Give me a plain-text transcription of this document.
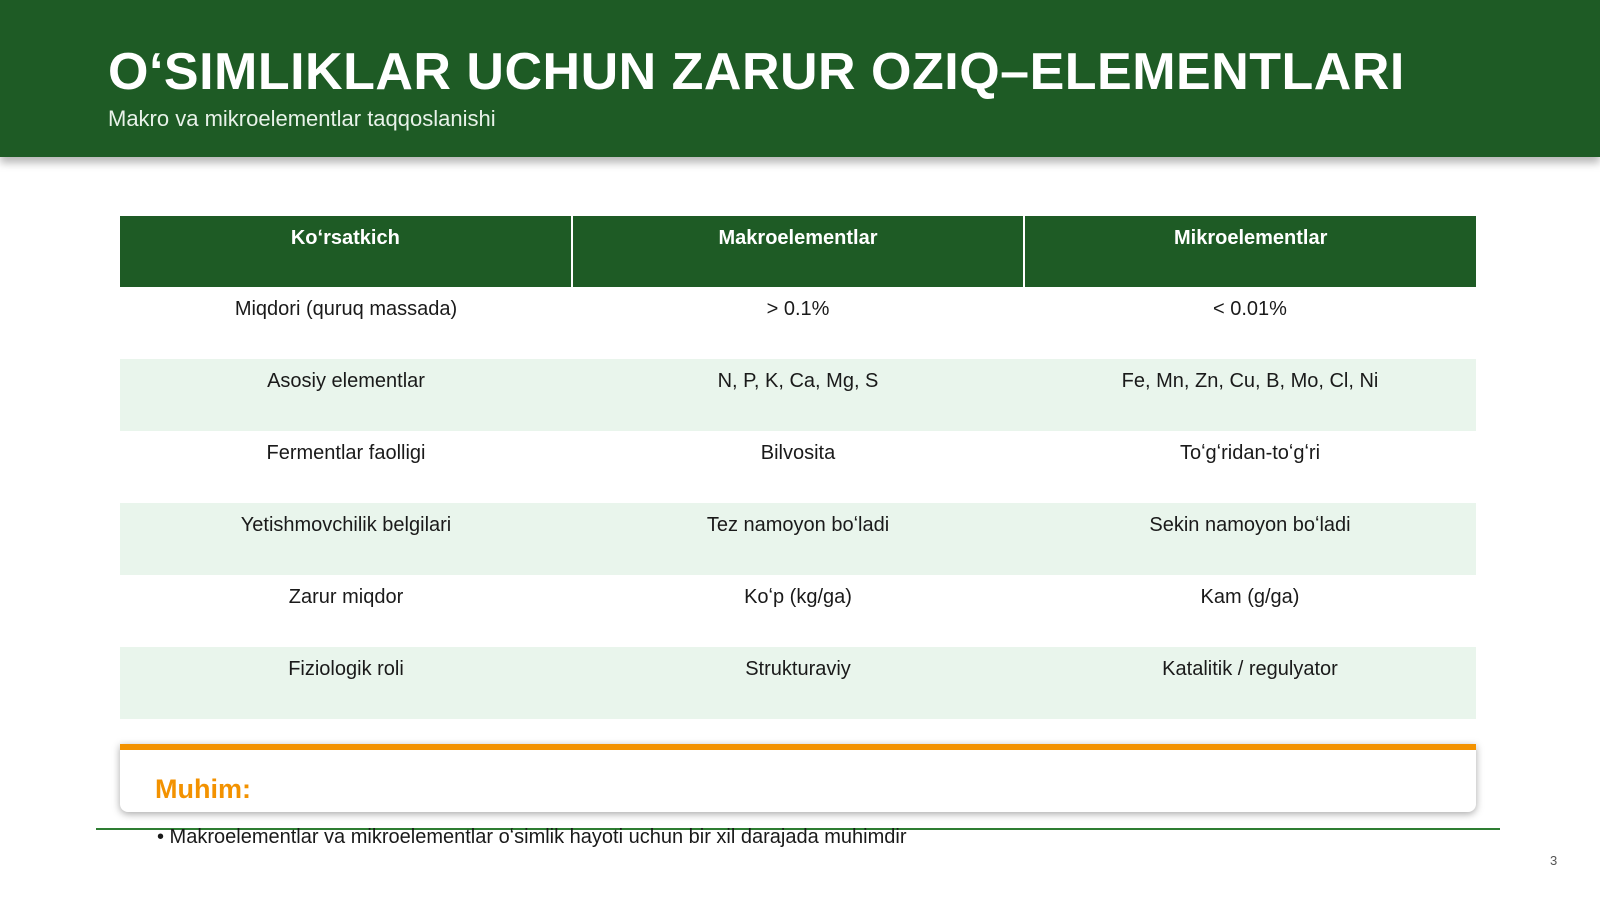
OʻSIMLIKLAR UCHUN ZARUR OZIQ–ELEMENTLARI
Makro va mikroelementlar taqqoslanishi
Koʻrsatkich	Makroelementlar	Mikroelementlar
Miqdori (quruq massada)	> 0.1%	< 0.01%
Asosiy elementlar	N, P, K, Ca, Mg, S	Fe, Mn, Zn, Cu, B, Mo, Cl, Ni
Fermentlar faolligi	Bilvosita	Toʻgʻridan-toʻgʻri
Yetishmovchilik belgilari	Tez namoyon boʻladi	Sekin namoyon boʻladi
Zarur miqdor	Koʻp (kg/ga)	Kam (g/ga)
Fiziologik roli	Strukturaviy	Katalitik / regulyator
Muhim:
• Makroelementlar va mikroelementlar oʻsimlik hayoti uchun bir xil darajada muhimdir
3
